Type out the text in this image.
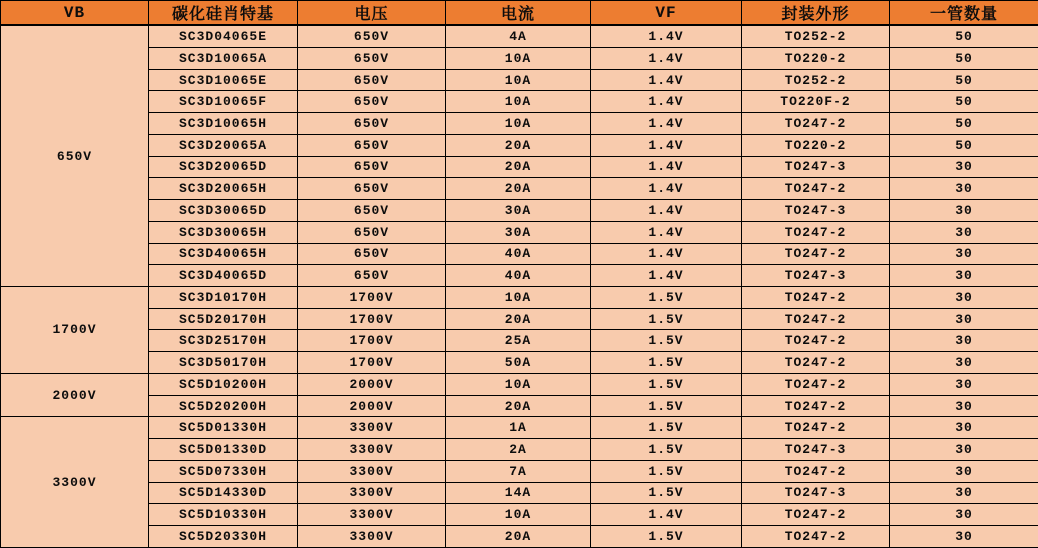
VB	碳化硅肖特基	电压	电流	VF	封装外形	一管数量
650V	SC3D04065E	650V	4A	1.4V	TO252-2	50
	SC3D10065A	650V	10A	1.4V	TO220-2	50
	SC3D10065E	650V	10A	1.4V	TO252-2	50
	SC3D10065F	650V	10A	1.4V	TO220F-2	50
	SC3D10065H	650V	10A	1.4V	TO247-2	50
	SC3D20065A	650V	20A	1.4V	TO220-2	50
	SC3D20065D	650V	20A	1.4V	TO247-3	30
	SC3D20065H	650V	20A	1.4V	TO247-2	30
	SC3D30065D	650V	30A	1.4V	TO247-3	30
	SC3D30065H	650V	30A	1.4V	TO247-2	30
	SC3D40065H	650V	40A	1.4V	TO247-2	30
	SC3D40065D	650V	40A	1.4V	TO247-3	30
1700V	SC3D10170H	1700V	10A	1.5V	TO247-2	30
	SC5D20170H	1700V	20A	1.5V	TO247-2	30
	SC3D25170H	1700V	25A	1.5V	TO247-2	30
	SC3D50170H	1700V	50A	1.5V	TO247-2	30
2000V	SC5D10200H	2000V	10A	1.5V	TO247-2	30
	SC5D20200H	2000V	20A	1.5V	TO247-2	30
3300V	SC5D01330H	3300V	1A	1.5V	TO247-2	30
	SC5D01330D	3300V	2A	1.5V	TO247-3	30
	SC5D07330H	3300V	7A	1.5V	TO247-2	30
	SC5D14330D	3300V	14A	1.5V	TO247-3	30
	SC5D10330H	3300V	10A	1.4V	TO247-2	30
	SC5D20330H	3300V	20A	1.5V	TO247-2	30
